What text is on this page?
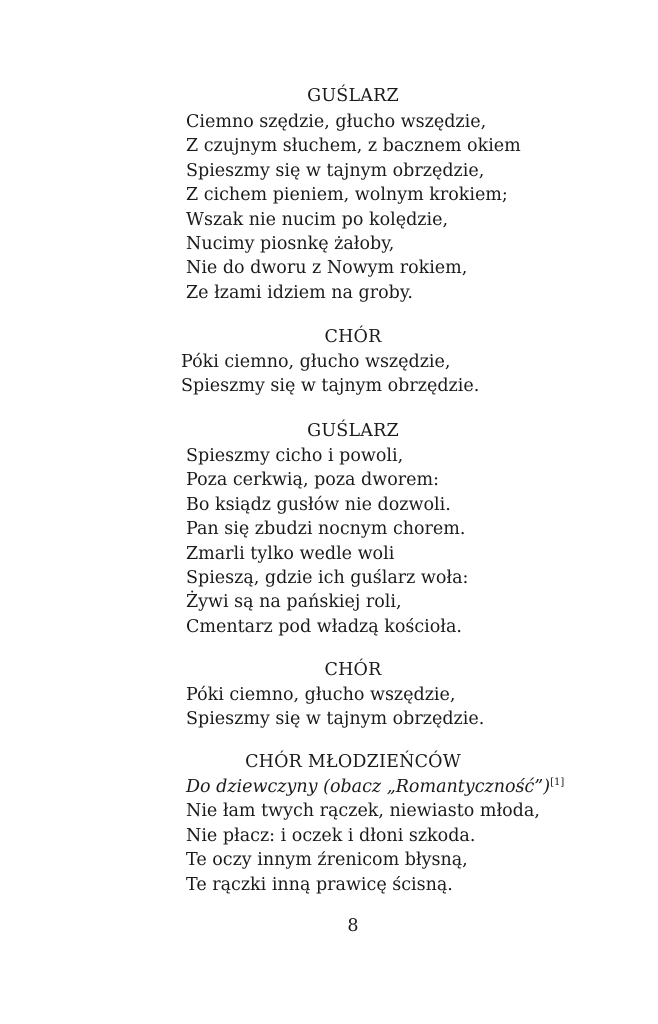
GUŚLARZ
Ciemno szędzie, głucho wszędzie,
Z czujnym słuchem, z bacznem okiem
Spieszmy się w tajnym obrzędzie,
Z cichem pieniem, wolnym krokiem;
Wszak nie nucim po kolędzie,
Nucimy piosnkę żałoby,
Nie do dworu z Nowym rokiem,
Ze łzami idziem na groby.
CHÓR
Póki ciemno, głucho wszędzie,
Spieszmy się w tajnym obrzędzie.
GUŚLARZ
Spieszmy cicho i powoli,
Poza cerkwią, poza dworem:
Bo ksiądz gusłów nie dozwoli.
Pan się zbudzi nocnym chorem.
Zmarli tylko wedle woli
Spieszą, gdzie ich guślarz woła:
Żywi są na pańskiej roli,
Cmentarz pod władzą kościoła.
CHÓR
Póki ciemno, głucho wszędzie,
Spieszmy się w tajnym obrzędzie.
CHÓR MŁODZIEŃCÓW
Do dziewczyny (obacz „Romantyczność”)[1]
Nie łam twych rączek, niewiasto młoda,
Nie płacz: i oczek i dłoni szkoda.
Te oczy innym źrenicom błysną,
Te rączki inną prawicę ścisną.
8
